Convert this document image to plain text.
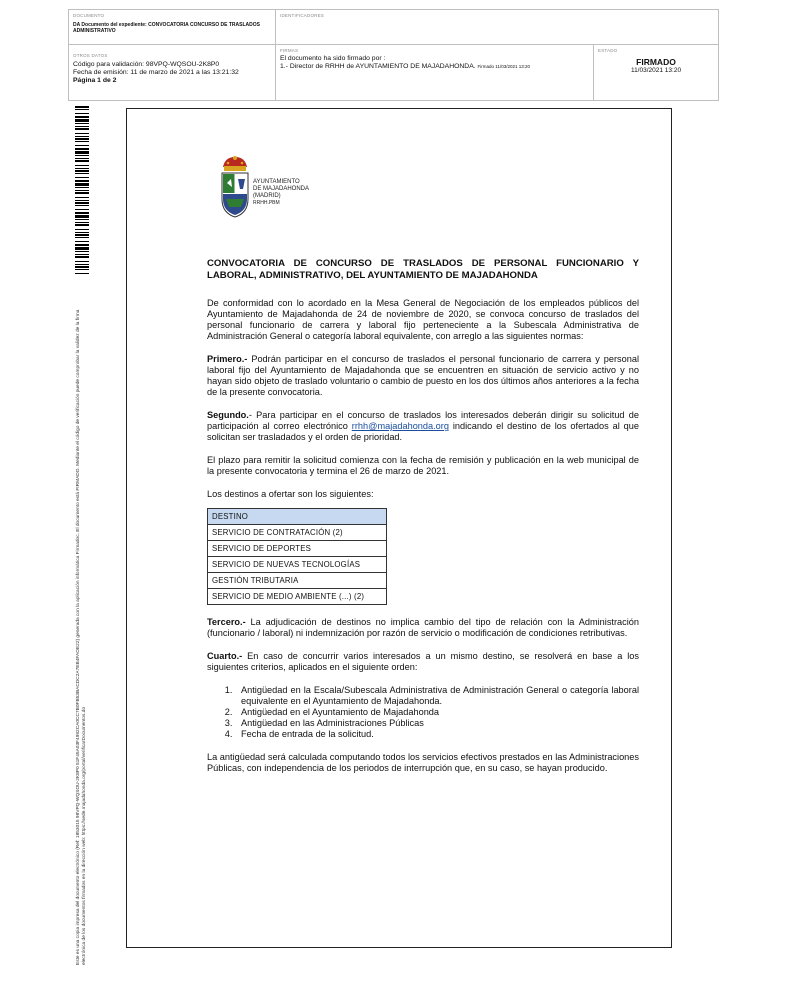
DOCUMENTO
DA Documento del expediente: CONVOCATORIA CONCURSO DE TRASLADOS ADMINISTRATIVO
IDENTIFICADORES
OTROS DATOS
Código para validación: 98VPQ-WQSOU-2K8P0
Fecha de emisión: 11 de marzo de 2021 a las 13:21:32
Página 1 de 2
FIRMAS
El documento ha sido firmado por :
1.- Director de RRHH de AYUNTAMIENTO DE MAJADAHONDA. Firmado 11/03/2021 13:20
ESTADO
FIRMADO
11/03/2021 13:20
Este es una copia impresa del documento electrónico (Ref: 1853015 98VPQ-WQSOU-2K8P0 51F45A03F4992CA0CC7B0FB53BACDC2A7EB4FAOE22) generada con la aplicación informática Firmadoc. El documento está FIRMADO. Mediante el código de verificación puede comprobar la validez de la firma electrónica de los documentos firmados en la dirección web: https://sede.majadahonda.org/portal/verificarDocumentos.do
AYUNTAMIENTO
DE MAJADAHONDA
(MADRID)
RRHH.PBM
CONVOCATORIA DE CONCURSO DE TRASLADOS DE PERSONAL FUNCIONARIO Y LABORAL, ADMINISTRATIVO, DEL AYUNTAMIENTO DE MAJADAHONDA

De conformidad con lo acordado en la Mesa General de Negociación de los empleados públicos del Ayuntamiento de Majadahonda de 24 de noviembre de 2020, se convoca concurso de traslados del personal funcionario de carrera y laboral fijo perteneciente a la Subescala Administrativa de Administración General o categoría laboral equivalente, con arreglo a las siguientes normas:

Primero.- Podrán participar en el concurso de traslados el personal funcionario de carrera y personal laboral fijo del Ayuntamiento de Majadahonda que se encuentren en situación de servicio activo y no hayan sido objeto de traslado voluntario o cambio de puesto en los dos últimos años anteriores a la fecha de la presente convocatoria.

Segundo.- Para participar en el concurso de traslados los interesados deberán dirigir su solicitud de participación al correo electrónico rrhh@majadahonda.org indicando el destino de los ofertados al que solicitan ser trasladados y el orden de prioridad.

El plazo para remitir la solicitud comienza con la fecha de remisión y publicación en la web municipal de la presente convocatoria y termina el 26 de marzo de 2021.

Los destinos a ofertar son los siguientes:

DESTINO
SERVICIO DE CONTRATACIÓN (2)
SERVICIO DE DEPORTES
SERVICIO DE NUEVAS TECNOLOGÍAS
GESTIÓN TRIBUTARIA
SERVICIO DE MEDIO AMBIENTE (...) (2)

Tercero.- La adjudicación de destinos no implica cambio del tipo de relación con la Administración (funcionario / laboral) ni indemnización por razón de servicio o modificación de condiciones retributivas.

Cuarto.- En caso de concurrir varios interesados a un mismo destino, se resolverá en base a los siguientes criterios, aplicados en el siguiente orden:

1. Antigüedad en la Escala/Subescala Administrativa de Administración General o categoría laboral equivalente en el Ayuntamiento de Majadahonda.
2. Antigüedad en el Ayuntamiento de Majadahonda
3. Antigüedad en las Administraciones Públicas
4. Fecha de entrada de la solicitud.

La antigüedad será calculada computando todos los servicios efectivos prestados en las Administraciones Públicas, con independencia de los periodos de interrupción que, en su caso, se hayan producido.
